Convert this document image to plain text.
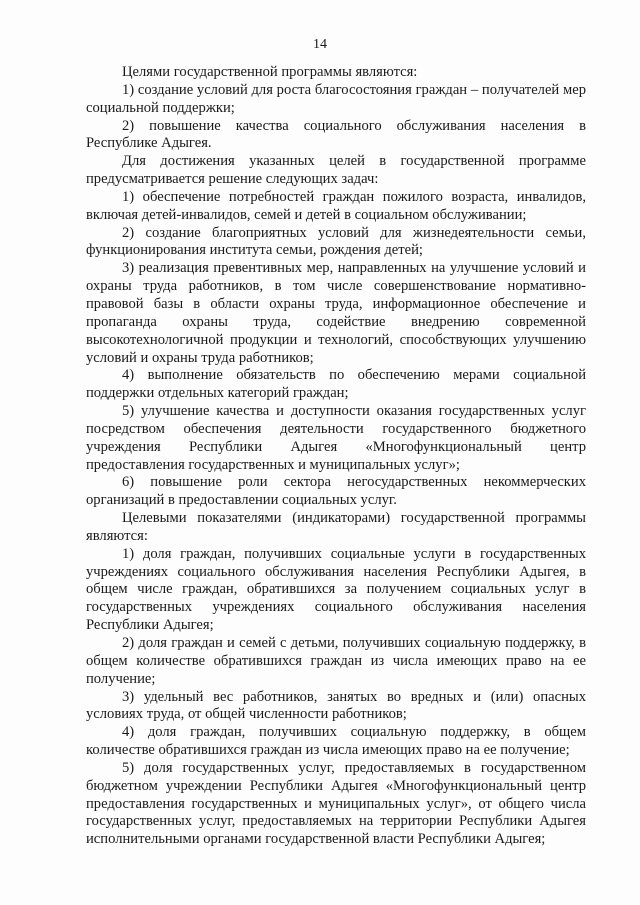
14

Целями государственной программы являются:

1) создание условий для роста благосостояния граждан – получателей мер социальной поддержки;

2) повышение качества социального обслуживания населения в Республике Адыгея.

Для достижения указанных целей в государственной программе предусматривается решение следующих задач:

1) обеспечение потребностей граждан пожилого возраста, инвалидов, включая детей-инвалидов, семей и детей в социальном обслуживании;

2) создание благоприятных условий для жизнедеятельности семьи, функционирования института семьи, рождения детей;

3) реализация превентивных мер, направленных на улучшение условий и охраны труда работников, в том числе совершенствование нормативно-правовой базы в области охраны труда, информационное обеспечение и пропаганда охраны труда, содействие внедрению современной высокотехнологичной продукции и технологий, способствующих улучшению условий и охраны труда работников;

4) выполнение обязательств по обеспечению мерами социальной поддержки отдельных категорий граждан;

5) улучшение качества и доступности оказания государственных услуг посредством обеспечения деятельности государственного бюджетного учреждения Республики Адыгея «Многофункциональный центр предоставления государственных и муниципальных услуг»;

6) повышение роли сектора негосударственных некоммерческих организаций в предоставлении социальных услуг.

Целевыми показателями (индикаторами) государственной программы являются:

1) доля граждан, получивших социальные услуги в государственных учреждениях социального обслуживания населения Республики Адыгея, в общем числе граждан, обратившихся за получением социальных услуг в государственных учреждениях социального обслуживания населения Республики Адыгея;

2) доля граждан и семей с детьми, получивших социальную поддержку, в общем количестве обратившихся граждан из числа имеющих право на ее получение;

3) удельный вес работников, занятых во вредных и (или) опасных условиях труда, от общей численности работников;

4) доля граждан, получивших социальную поддержку, в общем количестве обратившихся граждан из числа имеющих право на ее получение;

5) доля государственных услуг, предоставляемых в государственном бюджетном учреждении Республики Адыгея «Многофункциональный центр предоставления государственных и муниципальных услуг», от общего числа государственных услуг, предоставляемых на территории Республики Адыгея исполнительными органами государственной власти Республики Адыгея;
